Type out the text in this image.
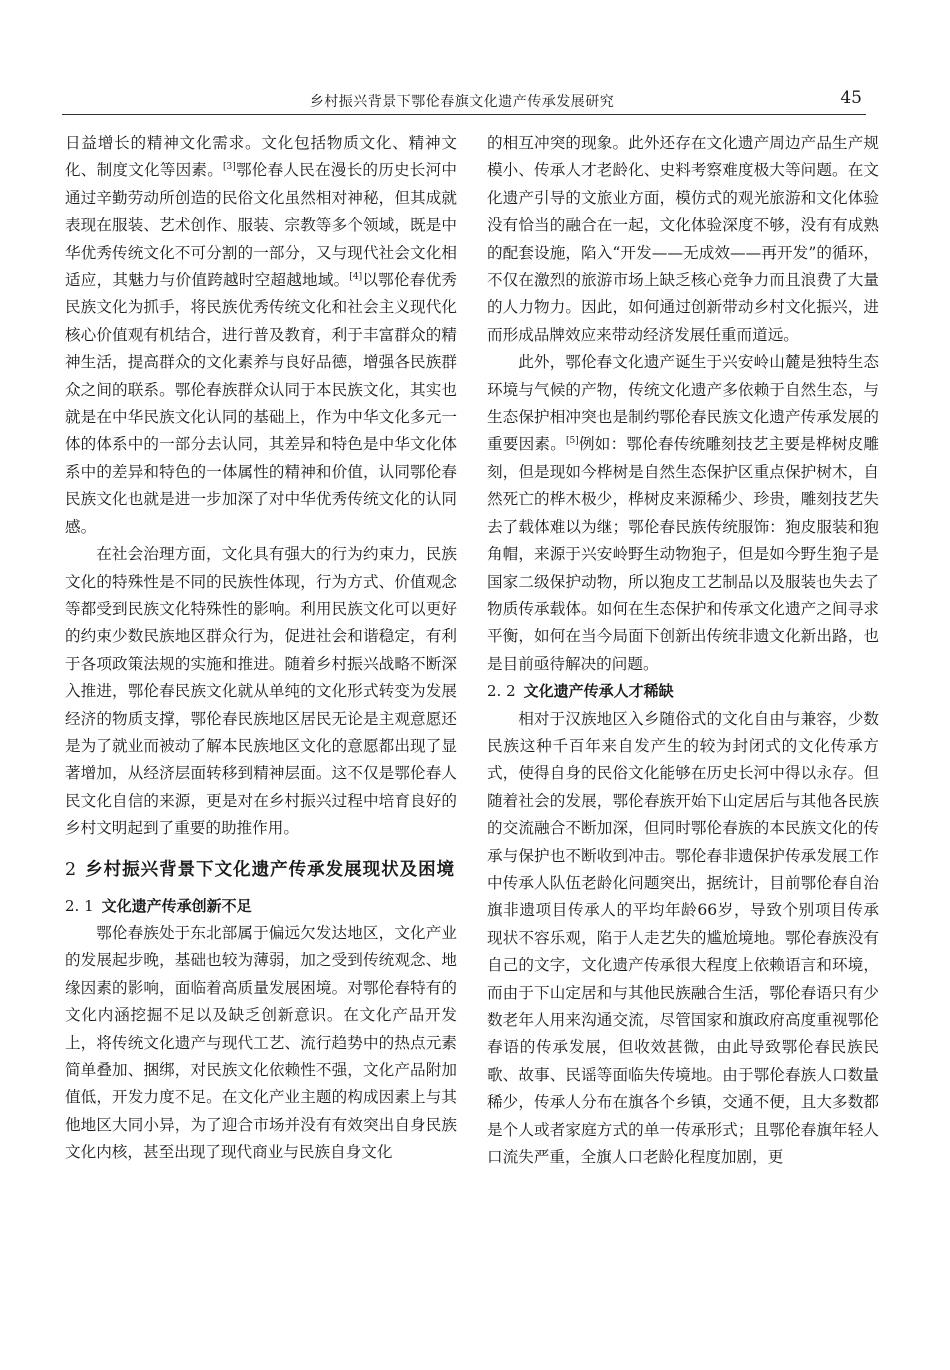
乡村振兴背景下鄂伦春旗文化遗产传承发展研究	45

日益增长的精神文化需求。文化包括物质文化、精神文化、制度文化等因素。[3]鄂伦春人民在漫长的历史长河中通过辛勤劳动所创造的民俗文化虽然相对神秘，但其成就表现在服装、艺术创作、服装、宗教等多个领域，既是中华优秀传统文化不可分割的一部分，又与现代社会文化相适应，其魅力与价值跨越时空超越地域。[4]以鄂伦春优秀民族文化为抓手，将民族优秀传统文化和社会主义现代化核心价值观有机结合，进行普及教育，利于丰富群众的精神生活，提高群众的文化素养与良好品德，增强各民族群众之间的联系。鄂伦春族群众认同于本民族文化，其实也就是在中华民族文化认同的基础上，作为中华文化多元一体的体系中的一部分去认同，其差异和特色是中华文化体系中的差异和特色的一体属性的精神和价值，认同鄂伦春民族文化也就是进一步加深了对中华优秀传统文化的认同感。

在社会治理方面，文化具有强大的行为约束力，民族文化的特殊性是不同的民族性体现，行为方式、价值观念等都受到民族文化特殊性的影响。利用民族文化可以更好的约束少数民族地区群众行为，促进社会和谐稳定，有利于各项政策法规的实施和推进。随着乡村振兴战略不断深入推进，鄂伦春民族文化就从单纯的文化形式转变为发展经济的物质支撑，鄂伦春民族地区居民无论是主观意愿还是为了就业而被动了解本民族地区文化的意愿都出现了显著增加，从经济层面转移到精神层面。这不仅是鄂伦春人民文化自信的来源，更是对在乡村振兴过程中培育良好的乡村文明起到了重要的助推作用。

2 乡村振兴背景下文化遗产传承发展现状及困境
2. 1 文化遗产传承创新不足

鄂伦春族处于东北部属于偏远欠发达地区，文化产业的发展起步晚，基础也较为薄弱，加之受到传统观念、地缘因素的影响，面临着高质量发展困境。对鄂伦春特有的文化内涵挖掘不足以及缺乏创新意识。在文化产品开发上，将传统文化遗产与现代工艺、流行趋势中的热点元素简单叠加、捆绑，对民族文化依赖性不强，文化产品附加值低，开发力度不足。在文化产业主题的构成因素上与其他地区大同小异，为了迎合市场并没有有效突出自身民族文化内核，甚至出现了现代商业与民族自身文化

的相互冲突的现象。此外还存在文化遗产周边产品生产规模小、传承人才老龄化、史料考察难度极大等问题。在文化遗产引导的文旅业方面，模仿式的观光旅游和文化体验没有恰当的融合在一起，文化体验深度不够，没有有成熟的配套设施，陷入“开发——无成效——再开发”的循环，不仅在激烈的旅游市场上缺乏核心竞争力而且浪费了大量的人力物力。因此，如何通过创新带动乡村文化振兴，进而形成品牌效应来带动经济发展任重而道远。

此外，鄂伦春文化遗产诞生于兴安岭山麓是独特生态环境与气候的产物，传统文化遗产多依赖于自然生态，与生态保护相冲突也是制约鄂伦春民族文化遗产传承发展的重要因素。[5]例如：鄂伦春传统雕刻技艺主要是桦树皮雕刻，但是现如今桦树是自然生态保护区重点保护树木，自然死亡的桦木极少，桦树皮来源稀少、珍贵，雕刻技艺失去了载体难以为继；鄂伦春民族传统服饰：狍皮服装和狍角帽，来源于兴安岭野生动物狍子，但是如今野生狍子是国家二级保护动物，所以狍皮工艺制品以及服装也失去了物质传承载体。如何在生态保护和传承文化遗产之间寻求平衡，如何在当今局面下创新出传统非遗文化新出路，也是目前亟待解决的问题。

2. 2 文化遗产传承人才稀缺

相对于汉族地区入乡随俗式的文化自由与兼容，少数民族这种千百年来自发产生的较为封闭式的文化传承方式，使得自身的民俗文化能够在历史长河中得以永存。但随着社会的发展，鄂伦春族开始下山定居后与其他各民族的交流融合不断加深，但同时鄂伦春族的本民族文化的传承与保护也不断收到冲击。鄂伦春非遗保护传承发展工作中传承人队伍老龄化问题突出，据统计，目前鄂伦春自治旗非遗项目传承人的平均年龄66岁，导致个别项目传承现状不容乐观，陷于人走艺失的尴尬境地。鄂伦春族没有自己的文字，文化遗产传承很大程度上依赖语言和环境，而由于下山定居和与其他民族融合生活，鄂伦春语只有少数老年人用来沟通交流，尽管国家和旗政府高度重视鄂伦春语的传承发展，但收效甚微，由此导致鄂伦春民族民歌、故事、民谣等面临失传境地。由于鄂伦春族人口数量稀少，传承人分布在旗各个乡镇，交通不便，且大多数都是个人或者家庭方式的单一传承形式；且鄂伦春旗年轻人口流失严重，全旗人口老龄化程度加剧，更
